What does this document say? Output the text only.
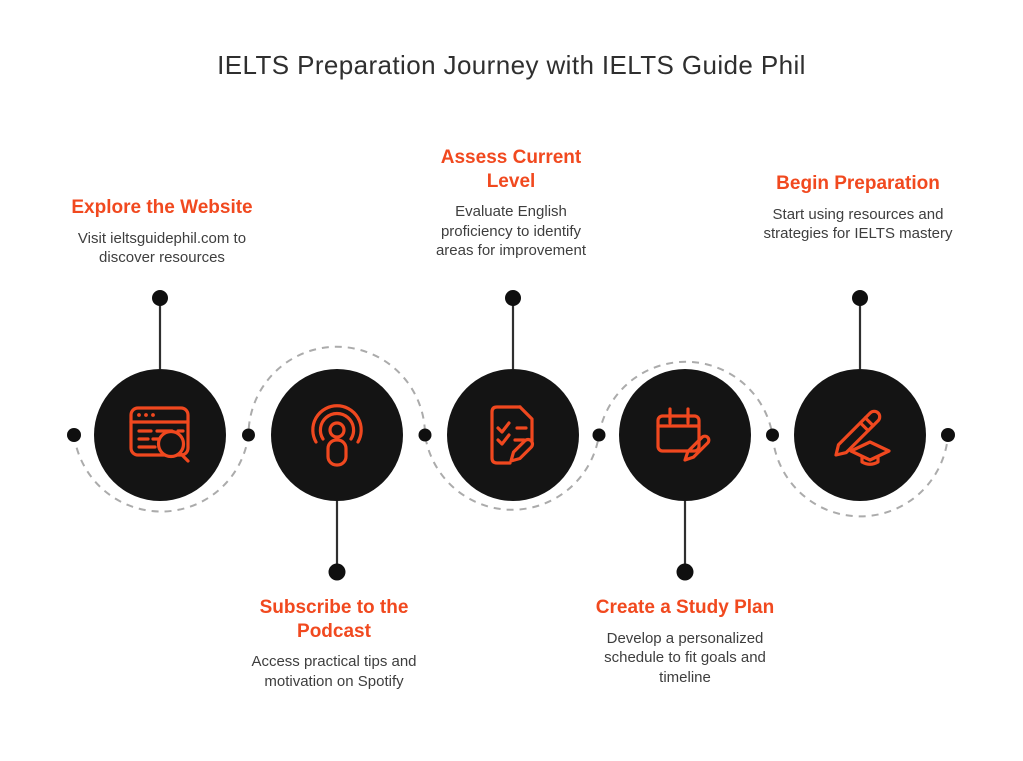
IELTS Preparation Journey with IELTS Guide Phil
Explore the Website

Visit ieltsguidephil.com to discover resources

Assess Current Level

Evaluate English proficiency to identify areas for improvement

Begin Preparation

Start using resources and strategies for IELTS mastery

Subscribe to the Podcast

Access practical tips and motivation on Spotify

Create a Study Plan

Develop a personalized schedule to fit goals and timeline
